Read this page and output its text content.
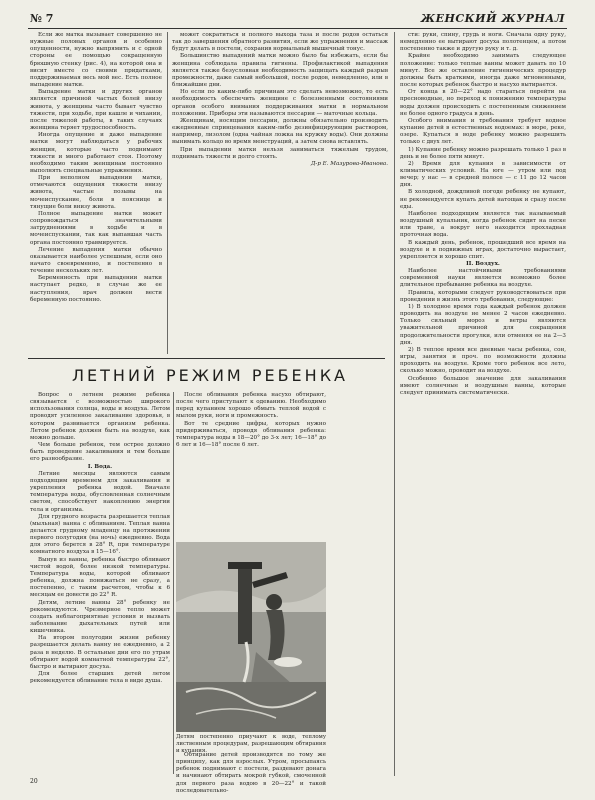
№ 7	ЖЕНСКИЙ ЖУРНАЛ

Если же матка вызывает совершенно не нужные половых органов и особенно опущенности, нужно выпрямить и с одной стороны ее помощью сокращенную брюшную стенку (рис. 4), на которой она и висит вместе со своими придатками, поддерживаемая весь мой вес. Есть полное выпадение матки.

Выпадение матки и других органов является причиной частых болей внизу живота, у женщины часто бывает чувство тяжести, при ходьбе, при кашле и чихании, после тяжелой работы, в таких случаях женщина теряет трудоспособность.

Иногда опущение и даже выпадение матки могут наблюдаться у рабочих женщин, которые часто поднимают тяжести и много работают стоя. Поэтому необходимо таким женщинам постоянно выполнять специальные упражнения.

При неполном выпадении матки, отмечаются ощущения тяжести внизу живота, частые позывы на мочеиспускание, боли в пояснице и тянущие боли внизу живота.

Полное выпадение матки может сопровождаться значительными затруднениями в ходьбе и в мочеиспускании, так как выпавшая часть органа постоянно травмируется.

Лечение выпадения матки обычно оказывается наиболее успешным, если оно начато своевременно, и постепенно в течение нескольких лет.

Беременность при выпадении матки наступает редко, в случае же ее наступления, врач должен вести беременную постоянно.

может сократиться и полного выхода таза и после родов остаться так до завершения обратного развития, если же упражнения и массаж будут делать в постели, сохранив нормальный мышечный тонус.

Большинство выпадений матки можно было бы избежать, если бы женщина соблюдала правила гигиены. Профилактикой выпадения является также безусловная необходимость защищать каждый разрыв промежности, даже самый небольшой, после родов, немедленно, или в ближайшие дни.

Но если по каким-либо причинам это сделать невозможно, то есть необходимость обеспечить женщине с болезненными состояниями органов особого внимания поддерживания матки в нормальном положении. Приборы эти называются пессарии — маточные кольца.

Женщинам, носящим пессарии, должны обязательно производить ежедневные спринцевания каким-либо дезинфицирующим раствором, например, лизолом (одна чайная ложка на кружку воды). Они должны вынимать кольцо во время менструаций, а затем снова вставлять.

При выпадении матки нельзя заниматься тяжелым трудом, поднимать тяжести и долго стоять.

Д-р Е. Мазурова-Иванова.

ЛЕТНИЙ РЕЖИМ РЕБЕНКА

Вопрос о летнем режиме ребенка связывается с возможностью широкого использования солнца, воды и воздуха. Летом проводят усиленное закаливание здоровья, в котором развивается организм ребенка. Летом ребенок должен быть на воздухе, как можно дольше.

Чем больше ребенок, тем острее должно быть проведение закаливания и тем больше его разнообразие.

I. Вода.

Летние месяцы являются самым подходящим временем для закаливания и укрепления ребенка водой. Вначале температура воды, обусловленная солнечным светом, способствует накоплению энергии тела и организма.

Для грудного возраста разрешается теплая (мыльная) ванна с обливанием. Теплая ванна делается грудному младенцу на протяжении первого полугодия (на ночь) ежедневно. Вода для этого берется в 28° R, при температуре комнатного воздуха в 15—16°.

Вынув из ванны, ребенка быстро обливают чистой водой, более низкой температуры. Температура воды, которой обливают ребенка, должна понижаться не сразу, а постепенно, с таким расчетом, чтобы к 6 месяцам ее довести до 22° R.

Детям, летние ванны 28° ребенку не рекомендуются. Чрезмерное тепло может создать неблагоприятные условия и вызвать заболевание дыхательных путей или кишечника.

На втором полугодии жизни ребенку разрешается делать ванну не ежедневно, а 2 раза в неделю. В остальные дни его по утрам обтирают водой комнатной температуры 22°, быстро и вытирают досуха.

Для более старших детей летом рекомендуется обливание тела в виде душа.

После обливания ребенка насухо обтирают, после чего приступают к одеванию. Необходимо перед купанием хорошо обмыть теплой водой с мылом руки, ноги и промежность.

Вот те средние цифры, которых нужно придерживаться, проводя обливания ребенка: температура воды в 18—20° до 3-х лет; 16—18° до 6 лет и 16—18° после 6 лет.

Детям постепенно приучают к воде, теплому лиственным процедурам, разрешающим обтирания и купания.

Обтирание детей производятся по тому же принципу, как для взрослых. Утром, просыпаясь ребенок поднимают с постели, раздевают донага и начинают обтирать мокрой губкой, смоченной для первого раза водою в 20—22° и такой последовательно-

сти: руки, спину, грудь и ноги. Сначала одну руку, немедленно ее вытирают досуха полотенцем, а потом постепенно также и другую руку и т. д.

Крайне необходимо занимать следующее положение: только теплые ванны может давать по 10 минут. Все же оставление гигиенических процедур должны быть краткими, иногда даже мгновенными, после которых ребенок быстро и насухо вытирается.

От конца в 20—22° надо стараться перейти на пресноводные, но переход к понижению температуры воды должен происходить с постепенным снижением не более одного градуса в день.

Особого внимания и требования требует водное купание детей в естественных водоемах: в море, реке, озере. Купаться в воде ребенку можно разрешить только с двух лет.

1) Купание ребенку можно разрешать только 1 раз в день и не более пяти минут.

2) Время для купания в зависимости от климатических условий. На юге — утром или под вечер; у нас — в средней полосе — с 11 до 12 часов дня.

В холодной, дождливой погоде ребенку не купают, не рекомендуется купать детей натощак и сразу после еды.

Наиболее подходящим является так называемый воздушный купальник, когда ребенок сидит на песке или траве, а вокруг него находится прохладная проточная вода.

В каждый день, ребенок, прошедший все время на воздухе и в подвижных играх, достаточно вырастает, укрепляется и хорошо спит.

II. Воздух.

Наиболее настойчивыми требованиями современной науки является возможно более длительное пребывание ребенка на воздухе.

Правила, которыми следует руководствоваться при проведении в жизнь этого требования, следующие:

1) В холодное время года каждый ребенок должен проводить на воздухе не менее 2 часов ежедневно. Только сильный мороз и ветры являются уважительной причиной для сокращения продолжительности прогулки, или отменяя ее на 2—3 дня.

2) В теплое время все дневные часы ребенка, сон, игры, занятия и проч. по возможности должны проходить на воздухе. Кроме того ребенок все лето, сколько можно, проводит на воздухе.

Особенно большое значение для закаливания имеют солнечные и воздушные ванны, которые следует принимать систематически.

20
